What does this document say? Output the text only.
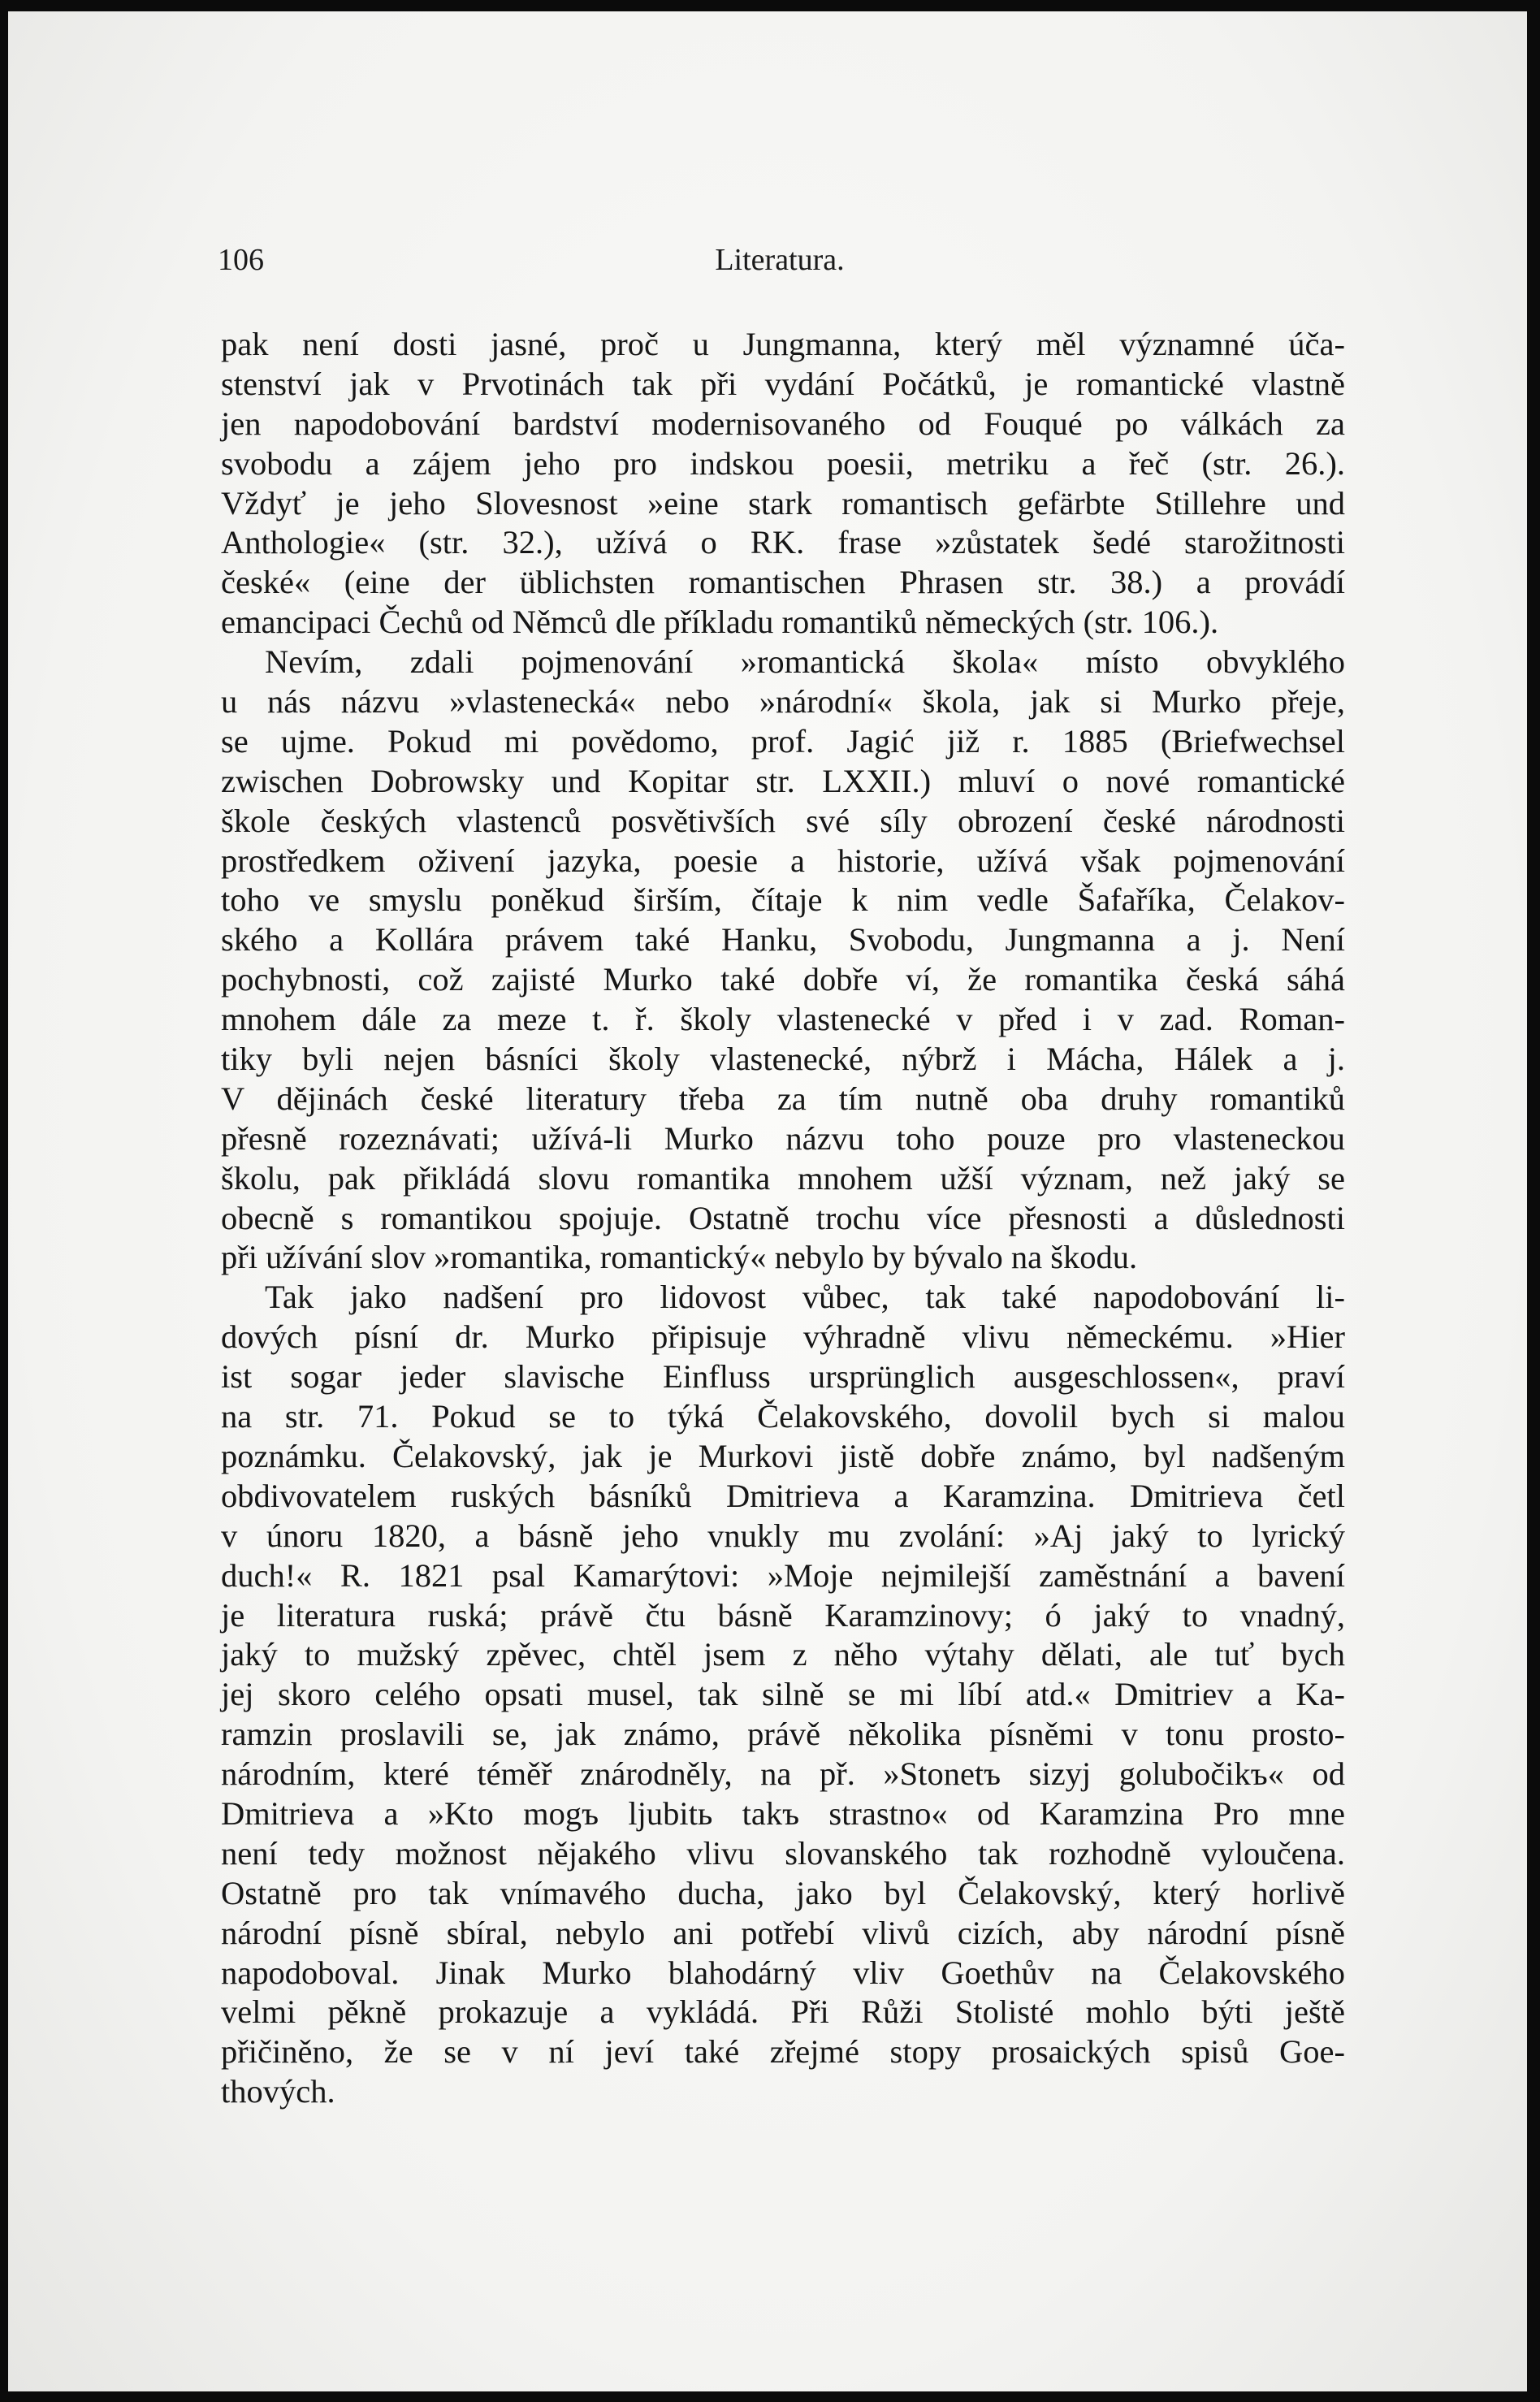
106	Literatura.
pak není dosti jasné, proč u Jungmanna, který měl významné úča-
stenství jak v Prvotinách tak při vydání Počátků, je romantické vlastně
jen napodobování bardství modernisovaného od Fouqué po válkách za
svobodu a zájem jeho pro indskou poesii, metriku a řeč (str. 26.).
Vždyť je jeho Slovesnost »eine stark romantisch gefärbte Stillehre und
Anthologie« (str. 32.), užívá o RK. frase »zůstatek šedé starožitnosti
české« (eine der üblichsten romantischen Phrasen str. 38.) a provádí
emancipaci Čechů od Němců dle příkladu romantiků německých (str. 106.).
Nevím, zdali pojmenování »romantická škola« místo obvyklého
u nás názvu »vlastenecká« nebo »národní« škola, jak si Murko přeje,
se ujme. Pokud mi povědomo, prof. Jagić již r. 1885 (Briefwechsel
zwischen Dobrowsky und Kopitar str. LXXII.) mluví o nové romantické
škole českých vlastenců posvětivších své síly obrození české národnosti
prostředkem oživení jazyka, poesie a historie, užívá však pojmenování
toho ve smyslu poněkud širším, čítaje k nim vedle Šafaříka, Čelakov-
ského a Kollára právem také Hanku, Svobodu, Jungmanna a j. Není
pochybnosti, což zajisté Murko také dobře ví, že romantika česká sáhá
mnohem dále za meze t. ř. školy vlastenecké v před i v zad. Roman-
tiky byli nejen básníci školy vlastenecké, nýbrž i Mácha, Hálek a j.
V dějinách české literatury třeba za tím nutně oba druhy romantiků
přesně rozeznávati; užívá-li Murko názvu toho pouze pro vlasteneckou
školu, pak přikládá slovu romantika mnohem užší význam, než jaký se
obecně s romantikou spojuje. Ostatně trochu více přesnosti a důslednosti
při užívání slov »romantika, romantický« nebylo by bývalo na škodu.
Tak jako nadšení pro lidovost vůbec, tak také napodobování li-
dových písní dr. Murko připisuje výhradně vlivu německému. »Hier
ist sogar jeder slavische Einfluss ursprünglich ausgeschlossen«, praví
na str. 71. Pokud se to týká Čelakovského, dovolil bych si malou
poznámku. Čelakovský, jak je Murkovi jistě dobře známo, byl nadšeným
obdivovatelem ruských básníků Dmitrieva a Karamzina. Dmitrieva četl
v únoru 1820, a básně jeho vnukly mu zvolání: »Aj jaký to lyrický
duch!« R. 1821 psal Kamarýtovi: »Moje nejmilejší zaměstnání a bavení
je literatura ruská; právě čtu básně Karamzinovy; ó jaký to vnadný,
jaký to mužský zpěvec, chtěl jsem z něho výtahy dělati, ale tuť bych
jej skoro celého opsati musel, tak silně se mi líbí atd.« Dmitriev a Ka-
ramzin proslavili se, jak známo, právě několika písněmi v tonu prosto-
národním, které téměř znárodněly, na př. »Stonetъ sizyj golubočikъ« od
Dmitrieva a »Kto mogъ ljubitь takъ strastno« od Karamzina Pro mne
není tedy možnost nějakého vlivu slovanského tak rozhodně vyloučena.
Ostatně pro tak vnímavého ducha, jako byl Čelakovský, který horlivě
národní písně sbíral, nebylo ani potřebí vlivů cizích, aby národní písně
napodoboval. Jinak Murko blahodárný vliv Goethův na Čelakovského
velmi pěkně prokazuje a vykládá. Při Růži Stolisté mohlo býti ještě
přičiněno, že se v ní jeví také zřejmé stopy prosaických spisů Goe-
thových.
